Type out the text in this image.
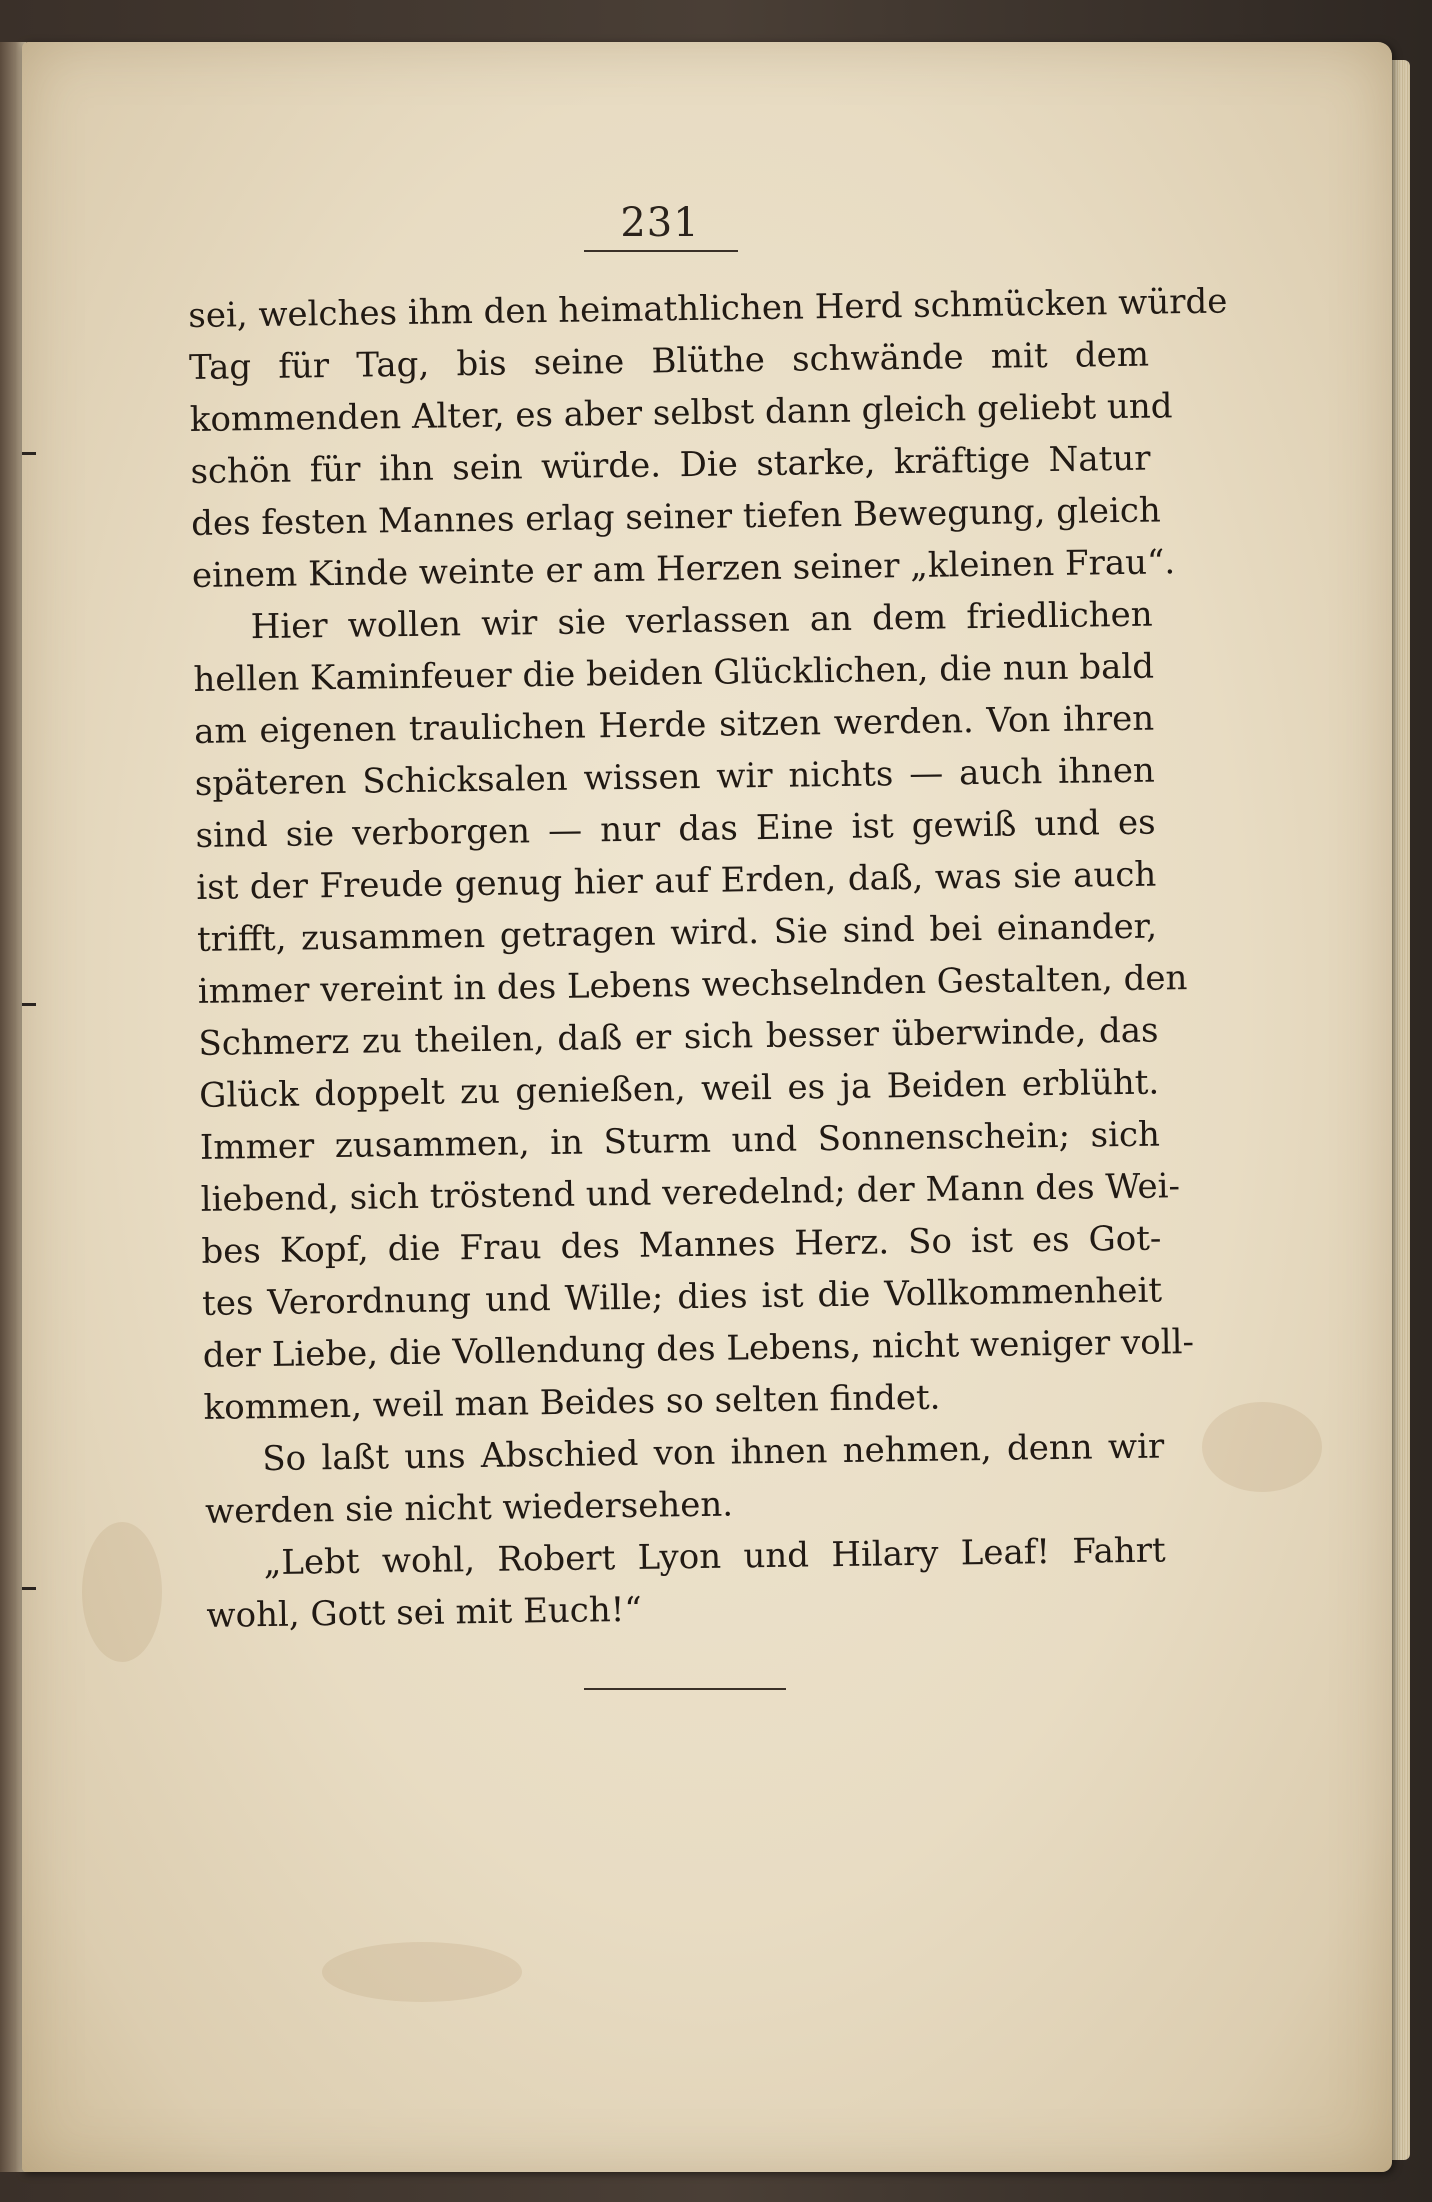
231
sei, welches ihm den heimathlichen Herd schmücken würde
Tag für Tag, bis seine Blüthe schwände mit dem
kommenden Alter, es aber selbst dann gleich geliebt und
schön für ihn sein würde. Die starke, kräftige Natur
des festen Mannes erlag seiner tiefen Bewegung, gleich
einem Kinde weinte er am Herzen seiner „kleinen Frau“.
Hier wollen wir sie verlassen an dem friedlichen
hellen Kaminfeuer die beiden Glücklichen, die nun bald
am eigenen traulichen Herde sitzen werden. Von ihren
späteren Schicksalen wissen wir nichts — auch ihnen
sind sie verborgen — nur das Eine ist gewiß und es
ist der Freude genug hier auf Erden, daß, was sie auch
trifft, zusammen getragen wird. Sie sind bei einander,
immer vereint in des Lebens wechselnden Gestalten, den
Schmerz zu theilen, daß er sich besser überwinde, das
Glück doppelt zu genießen, weil es ja Beiden erblüht.
Immer zusammen, in Sturm und Sonnenschein; sich
liebend, sich tröstend und veredelnd; der Mann des Wei-
bes Kopf, die Frau des Mannes Herz. So ist es Got-
tes Verordnung und Wille; dies ist die Vollkommenheit
der Liebe, die Vollendung des Lebens, nicht weniger voll-
kommen, weil man Beides so selten findet.
So laßt uns Abschied von ihnen nehmen, denn wir
werden sie nicht wiedersehen.
„Lebt wohl, Robert Lyon und Hilary Leaf! Fahrt
wohl, Gott sei mit Euch!“
